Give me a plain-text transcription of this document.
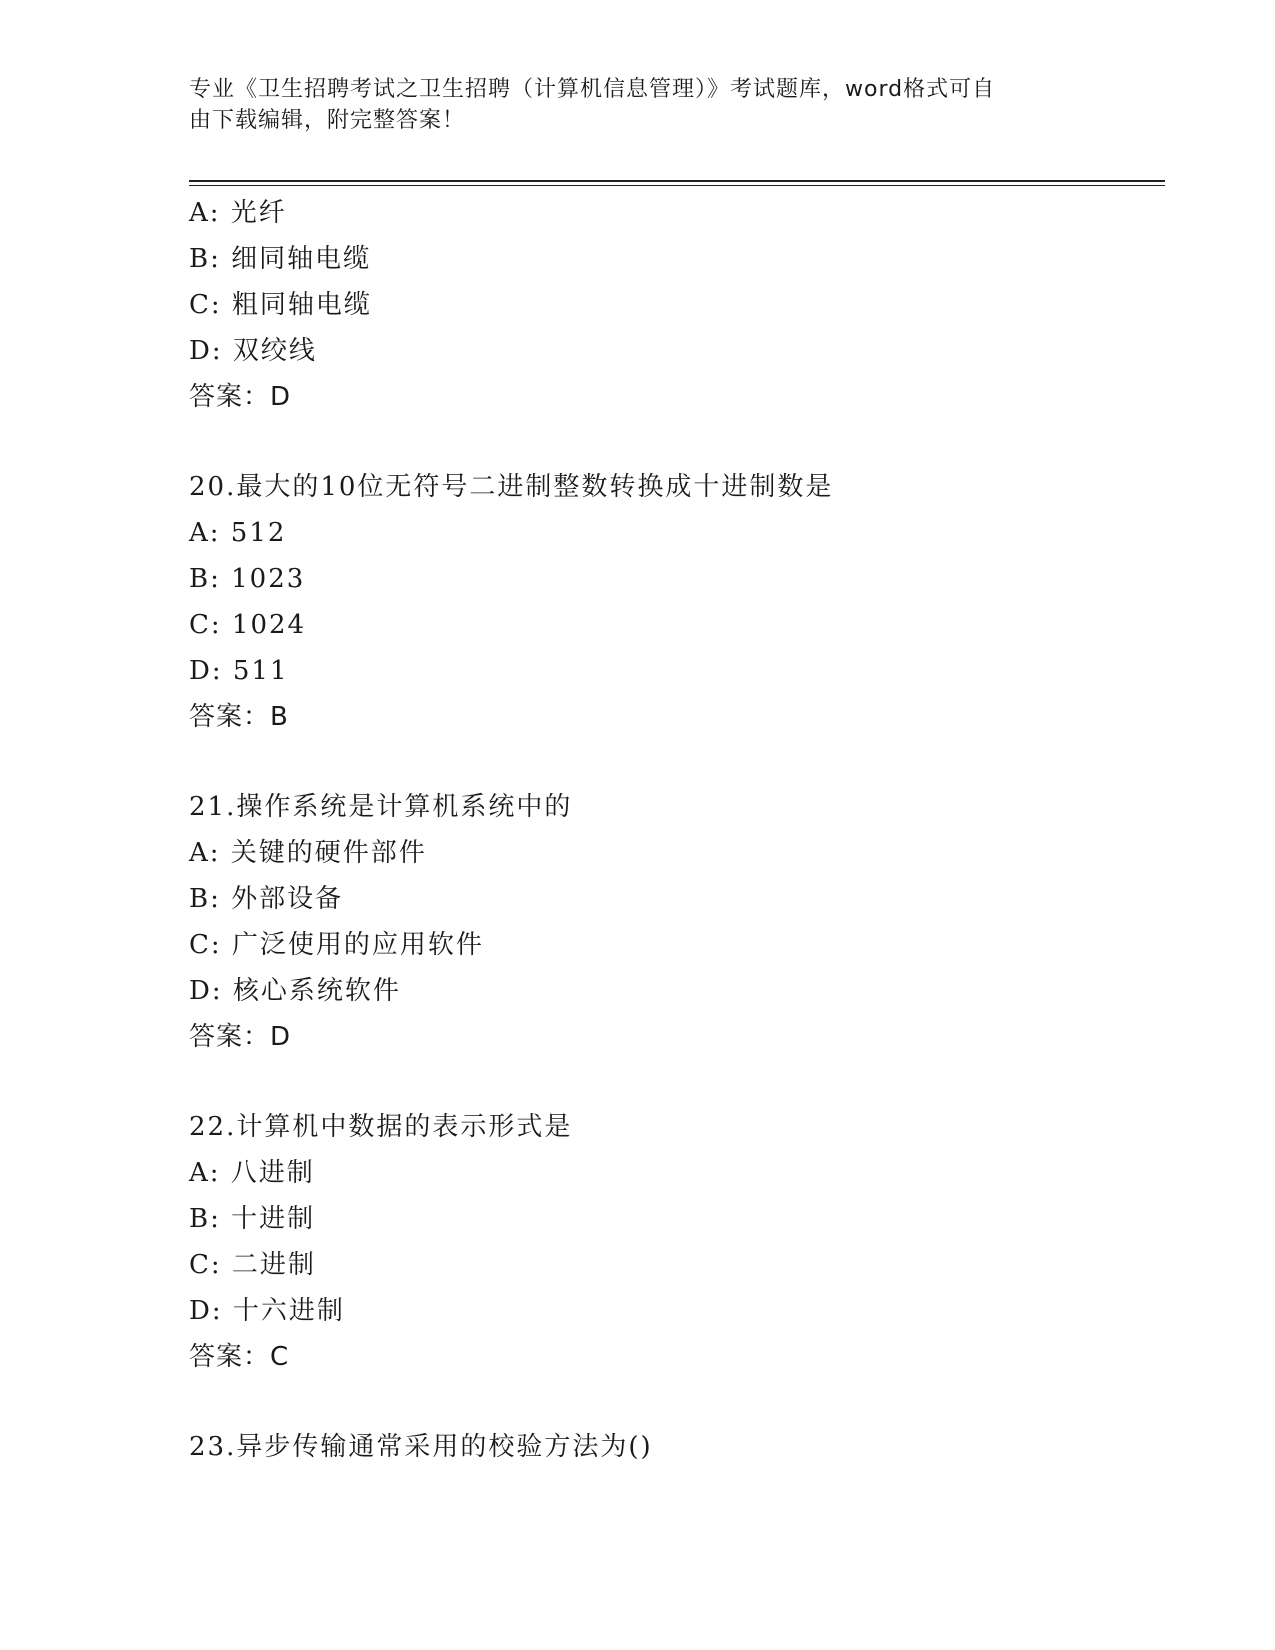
专业《卫生招聘考试之卫生招聘（计算机信息管理）》考试题库，word格式可自
由下载编辑，附完整答案！
A: 光纤
B: 细同轴电缆
C: 粗同轴电缆
D: 双绞线
答案：D
20.最大的10位无符号二进制整数转换成十进制数是
A: 512
B: 1023
C: 1024
D: 511
答案：B
21.操作系统是计算机系统中的
A: 关键的硬件部件
B: 外部设备
C: 广泛使用的应用软件
D: 核心系统软件
答案：D
22.计算机中数据的表示形式是
A: 八进制
B: 十进制
C: 二进制
D: 十六进制
答案：C
23.异步传输通常采用的校验方法为()
